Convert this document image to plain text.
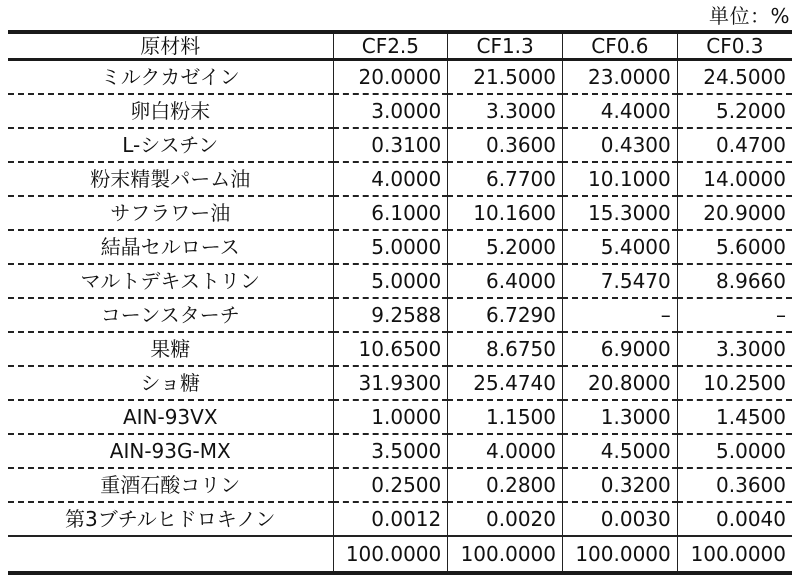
単位：%
原材料	CF2.5	CF1.3	CF0.6	CF0.3
ミルクカゼイン	20.0000	21.5000	23.0000	24.5000
卵白粉末	3.0000	3.3000	4.4000	5.2000
L-シスチン	0.3100	0.3600	0.4300	0.4700
粉末精製パーム油	4.0000	6.7700	10.1000	14.0000
サフラワー油	6.1000	10.1600	15.3000	20.9000
結晶セルロース	5.0000	5.2000	5.4000	5.6000
マルトデキストリン	5.0000	6.4000	7.5470	8.9660
コーンスターチ	9.2588	6.7290	–	–
果糖	10.6500	8.6750	6.9000	3.3000
ショ糖	31.9300	25.4740	20.8000	10.2500
AIN-93VX	1.0000	1.1500	1.3000	1.4500
AIN-93G-MX	3.5000	4.0000	4.5000	5.0000
重酒石酸コリン	0.2500	0.2800	0.3200	0.3600
第3ブチルヒドロキノン	0.0012	0.0020	0.0030	0.0040
	100.0000	100.0000	100.0000	100.0000
